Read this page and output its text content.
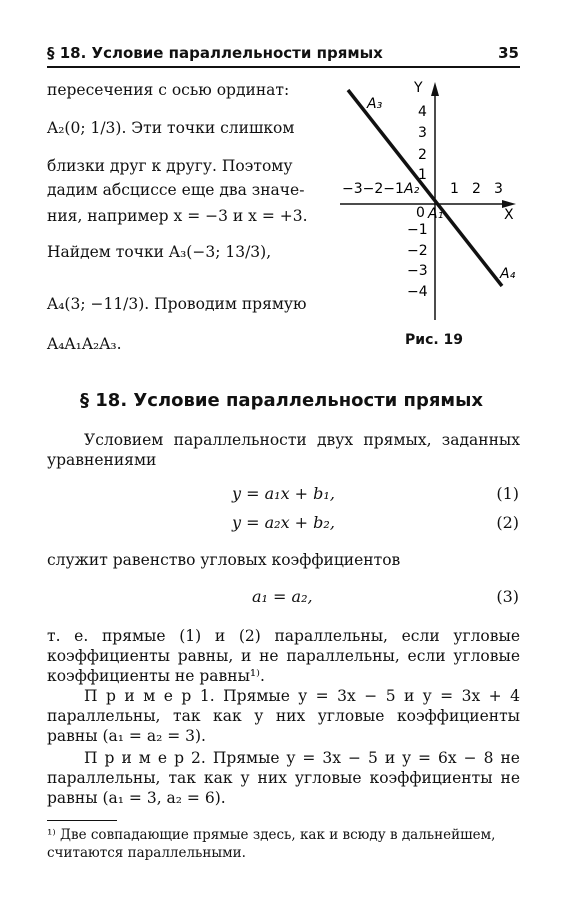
§ 18. Условие параллельности прямых	35
пересечения с осью ординат:
A₂(0; 1/3). Эти точки слишком
близки друг к другу. Поэтому
дадим абсциссе еще два значе-
ния, например x = −3 и x = +3.
Найдем точки A₃(−3; 13/3),
A₄(3; −11/3). Проводим прямую
A₄A₁A₂A₃.
Y
X
0
−3−2−1	1 2 3
1
2
3
4
−1
−2
−3
−4
A₁
A₂
A₃
A₄
Рис. 19
§ 18. Условие параллельности прямых
Условием параллельности двух прямых, заданных уравнениями
y = a₁x + b₁,	(1)
y = a₂x + b₂,	(2)
служит равенство угловых коэффициентов
a₁ = a₂,	(3)
т. е. прямые (1) и (2) параллельны, если угловые коэффициенты равны, и не параллельны, если угловые коэффициенты не равны¹⁾.
П р и м е р 1. Прямые y = 3x − 5 и y = 3x + 4 параллельны, так как у них угловые коэффициенты равны (a₁ = a₂ = 3).
П р и м е р 2. Прямые y = 3x − 5 и y = 6x − 8 не параллельны, так как у них угловые коэффициенты не равны (a₁ = 3, a₂ = 6).
¹⁾ Две совпадающие прямые здесь, как и всюду в дальнейшем, считаются параллельными.
